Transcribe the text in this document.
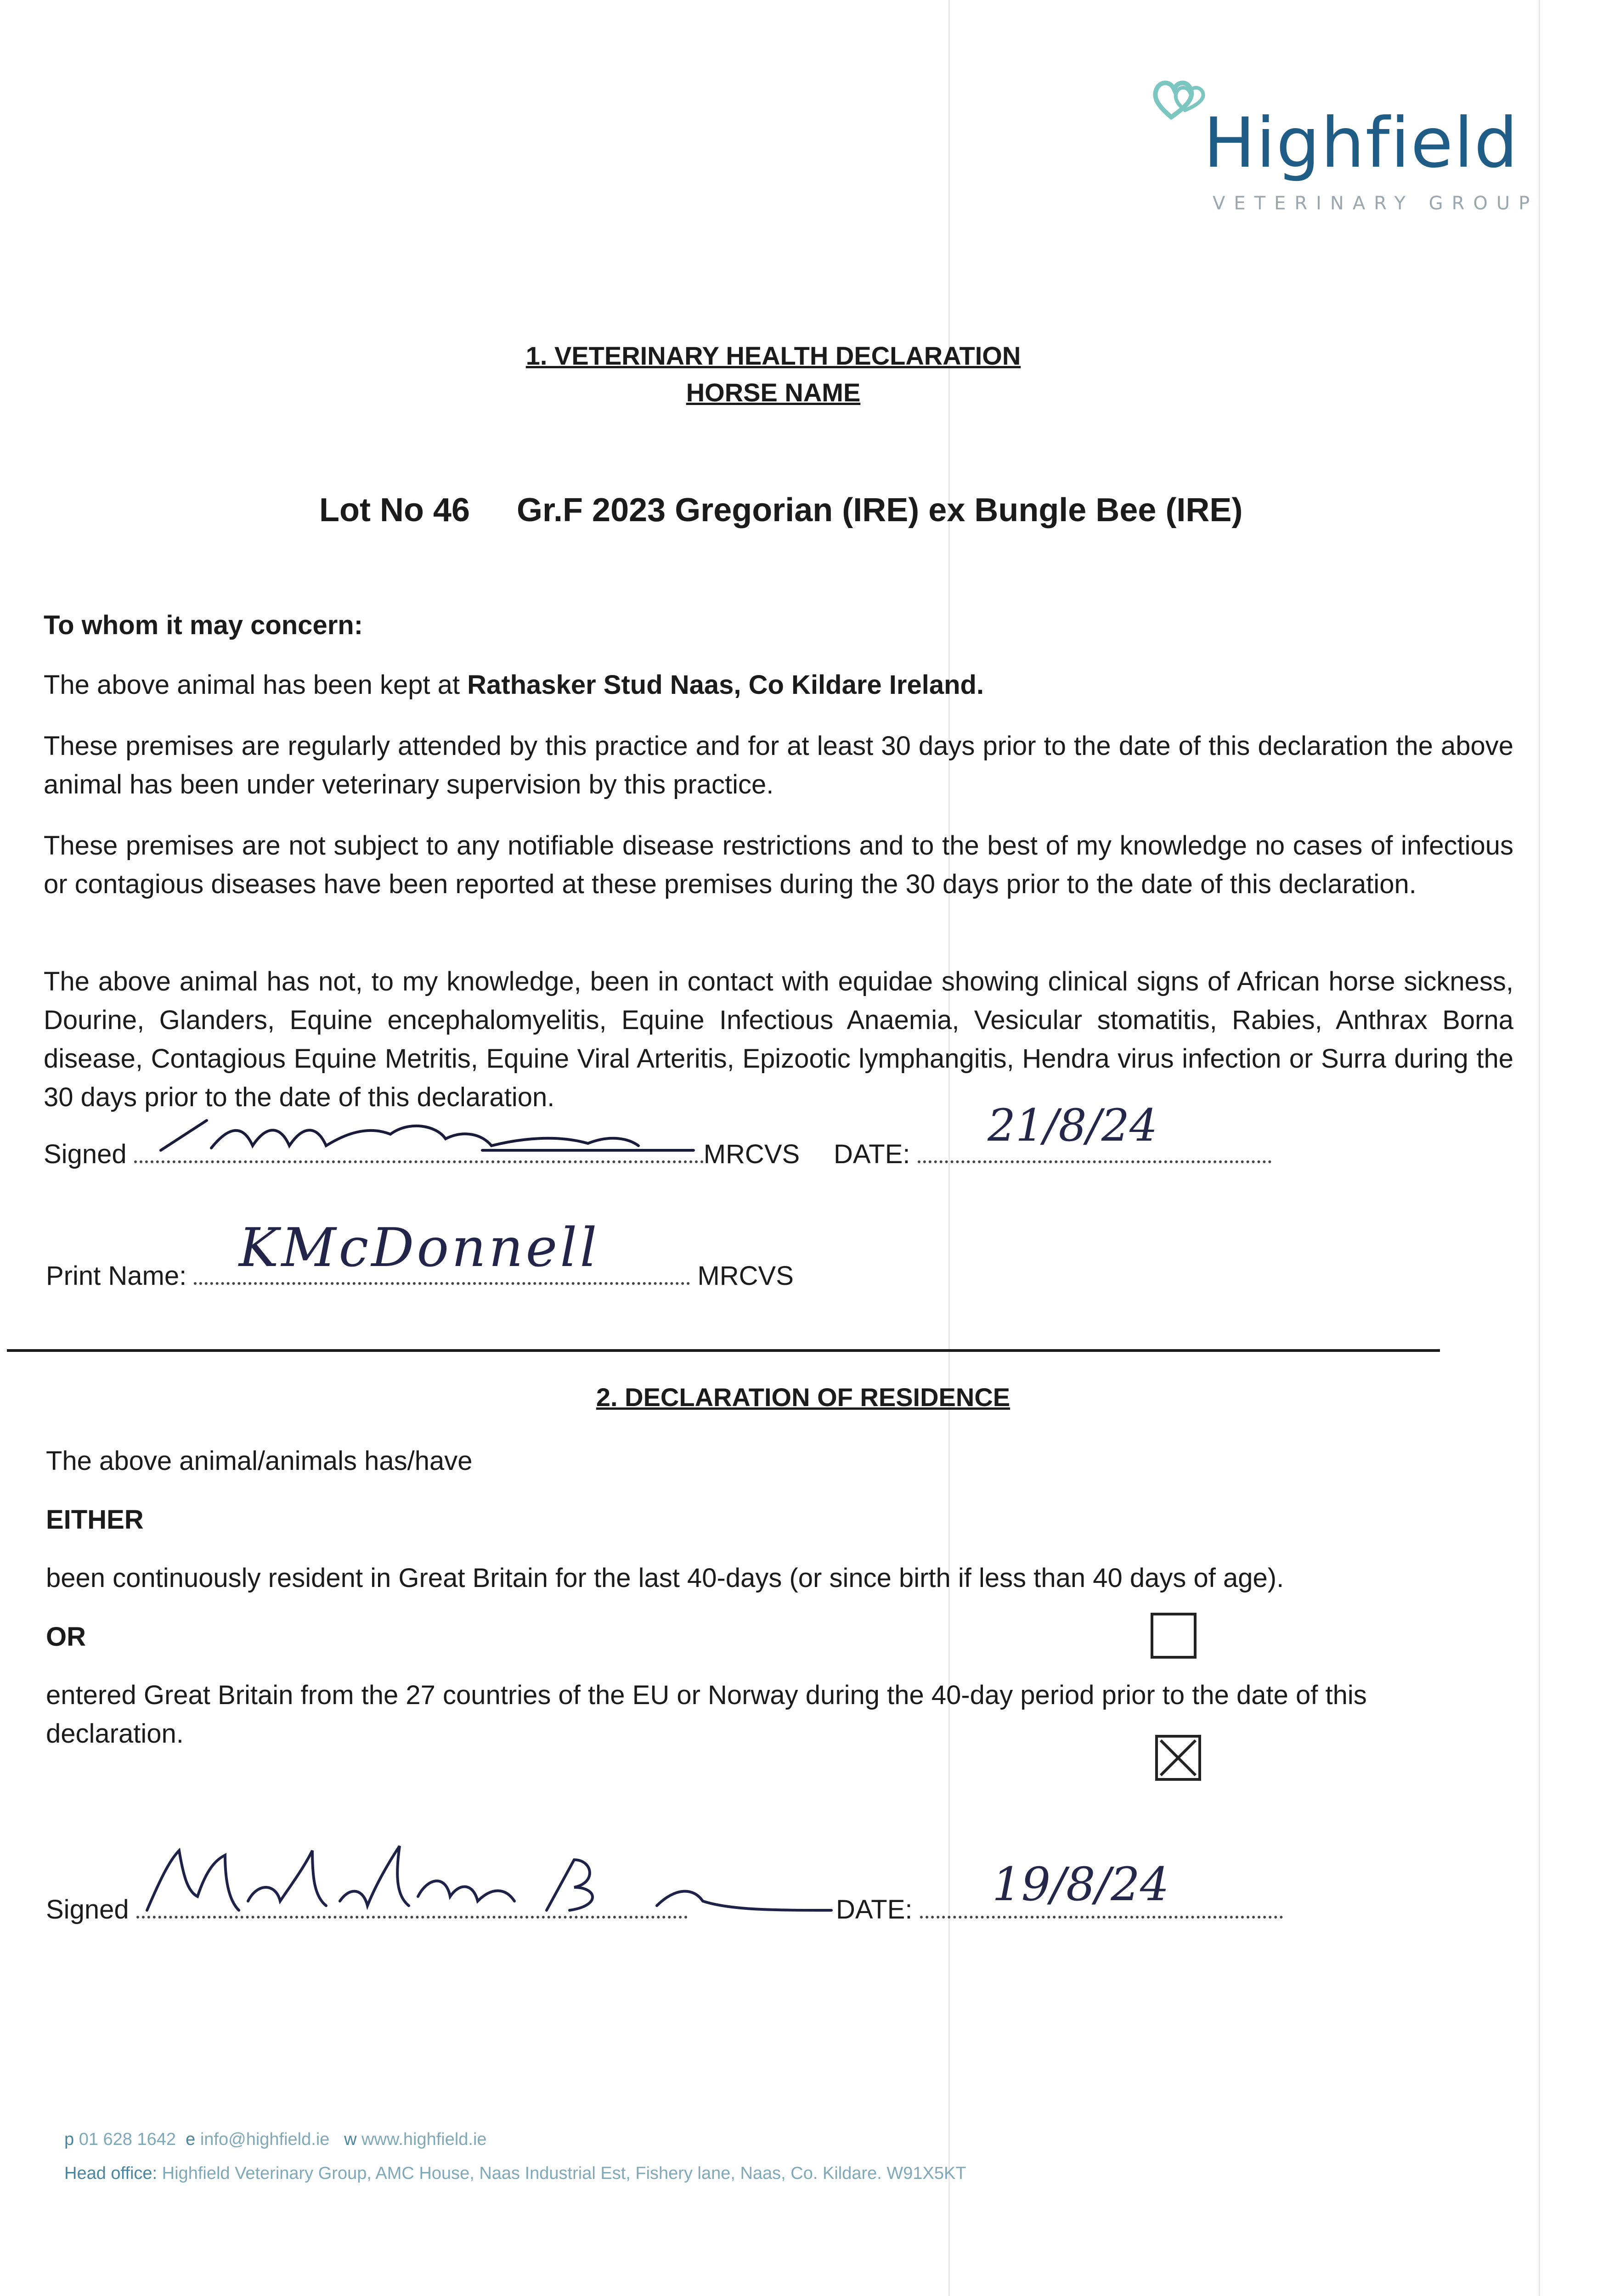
Highfield
VETERINARY GROUP
1. VETERINARY HEALTH DECLARATION
HORSE NAME
Lot No 46 Gr.F 2023 Gregorian (IRE) ex Bungle Bee (IRE)
To whom it may concern:
The above animal has been kept at Rathasker Stud Naas, Co Kildare Ireland.
These premises are regularly attended by this practice and for at least 30 days prior to the date of this declaration the above animal has been under veterinary supervision by this practice.
These premises are not subject to any notifiable disease restrictions and to the best of my knowledge no cases of infectious or contagious diseases have been reported at these premises during the 30 days prior to the date of this declaration.
The above animal has not, to my knowledge, been in contact with equidae showing clinical signs of African horse sickness, Dourine, Glanders, Equine encephalomyelitis, Equine Infectious Anaemia, Vesicular stomatitis, Rabies, Anthrax Borna disease, Contagious Equine Metritis, Equine Viral Arteritis, Epizootic lymphangitis, Hendra virus infection or Surra during the 30 days prior to the date of this declaration.
Signed	MRCVS DATE:
21/8/24
Print Name:	MRCVS
KMcDonnell
2. DECLARATION OF RESIDENCE
The above animal/animals has/have
EITHER
been continuously resident in Great Britain for the last 40-days (or since birth if less than 40 days of age).
OR
entered Great Britain from the 27 countries of the EU or Norway during the 40-day period prior to the date of this declaration.
Signed	DATE:	19/8/24
p 01 628 1642 e info@highfield.ie w www.highfield.ie
Head office: Highfield Veterinary Group, AMC House, Naas Industrial Est, Fishery lane, Naas, Co. Kildare. W91X5KT
